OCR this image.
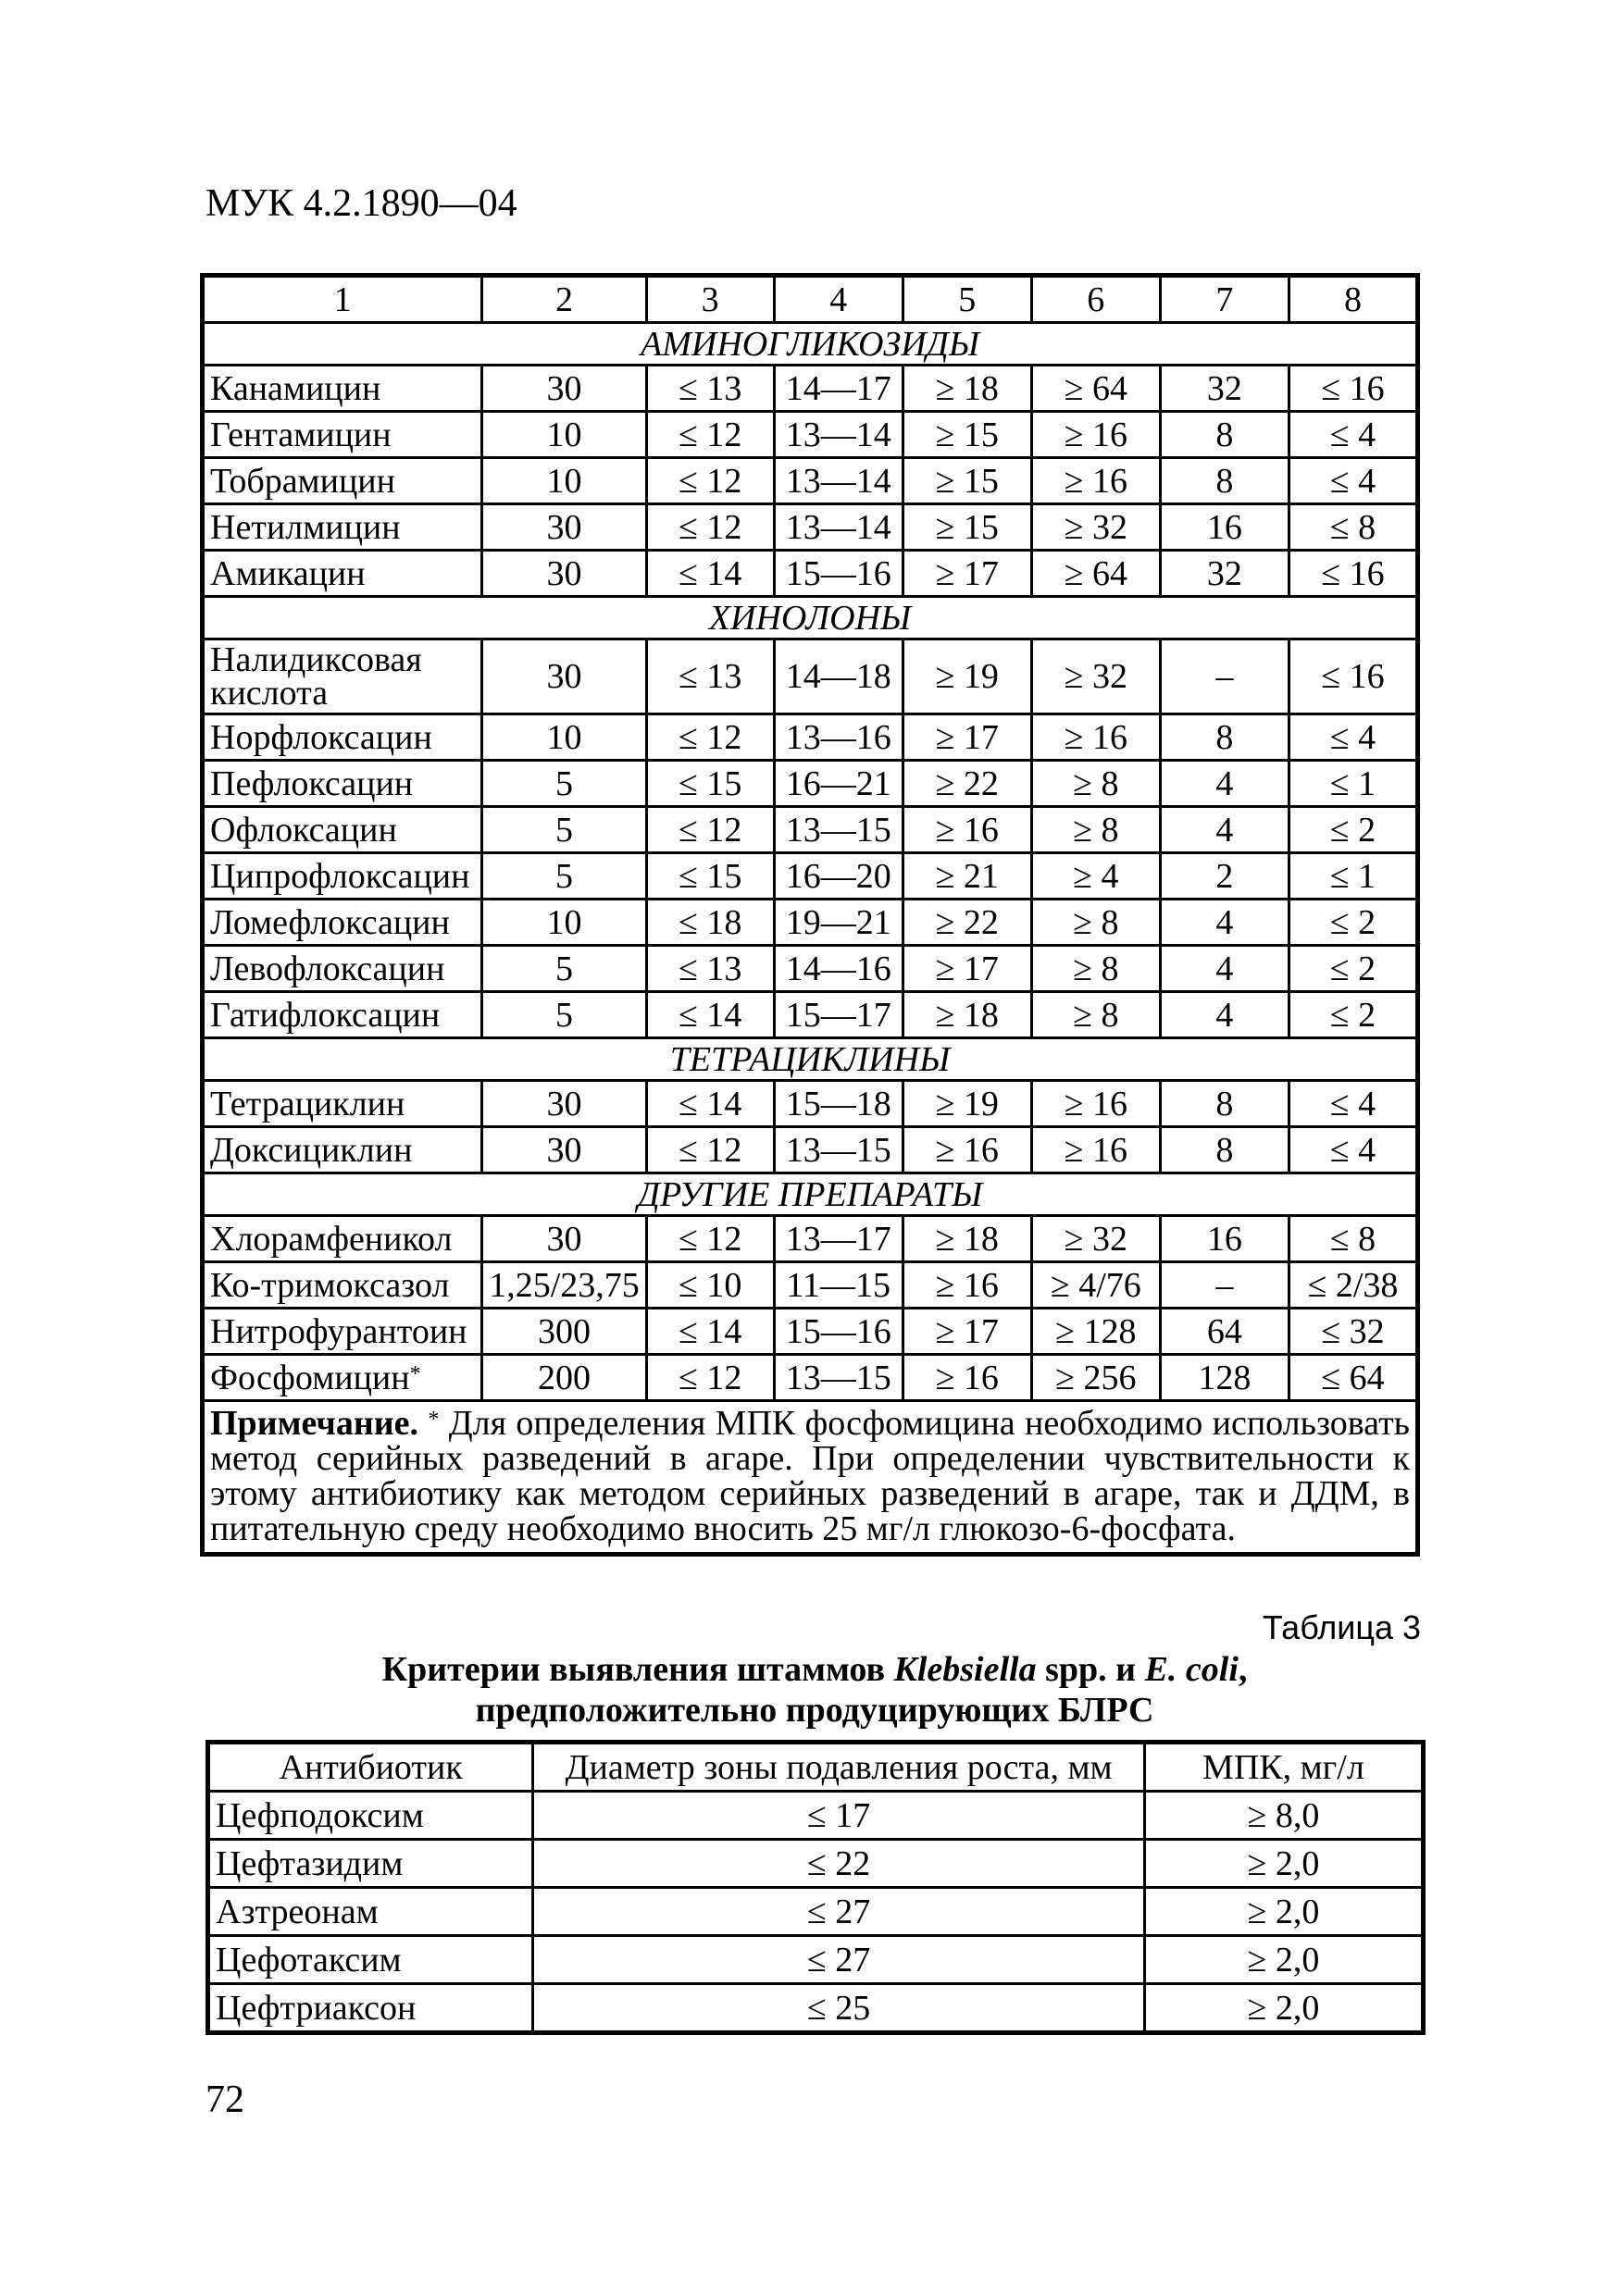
МУК 4.2.1890—04
1	2	3	4	5	6	7	8
АМИНОГЛИКОЗИДЫ							
Канамицин	30	≤ 13	14—17	≥ 18	≥ 64	32	≤ 16
Гентамицин	10	≤ 12	13—14	≥ 15	≥ 16	8	≤ 4
Тобрамицин	10	≤ 12	13—14	≥ 15	≥ 16	8	≤ 4
Нетилмицин	30	≤ 12	13—14	≥ 15	≥ 32	16	≤ 8
Амикацин	30	≤ 14	15—16	≥ 17	≥ 64	32	≤ 16
ХИНОЛОНЫ							
Налидиксовая кислота	30	≤ 13	14—18	≥ 19	≥ 32	–	≤ 16
Норфлоксацин	10	≤ 12	13—16	≥ 17	≥ 16	8	≤ 4
Пефлоксацин	5	≤ 15	16—21	≥ 22	≥ 8	4	≤ 1
Офлоксацин	5	≤ 12	13—15	≥ 16	≥ 8	4	≤ 2
Ципрофлоксацин	5	≤ 15	16—20	≥ 21	≥ 4	2	≤ 1
Ломефлоксацин	10	≤ 18	19—21	≥ 22	≥ 8	4	≤ 2
Левофлоксацин	5	≤ 13	14—16	≥ 17	≥ 8	4	≤ 2
Гатифлоксацин	5	≤ 14	15—17	≥ 18	≥ 8	4	≤ 2
ТЕТРАЦИКЛИНЫ							
Тетрациклин	30	≤ 14	15—18	≥ 19	≥ 16	8	≤ 4
Доксициклин	30	≤ 12	13—15	≥ 16	≥ 16	8	≤ 4
ДРУГИЕ ПРЕПАРАТЫ							
Хлорамфеникол	30	≤ 12	13—17	≥ 18	≥ 32	16	≤ 8
Ко-тримоксазол	1,25/23,75	≤ 10	11—15	≥ 16	≥ 4/76	–	≤ 2/38
Нитрофурантоин	300	≤ 14	15—16	≥ 17	≥ 128	64	≤ 32
Фосфомицин*	200	≤ 12	13—15	≥ 16	≥ 256	128	≤ 64
Примечание. * Для определения МПК фосфомицина необходимо использовать метод серийных разведений в агаре. При определении чувствительности к этому антибиотику как методом серийных разведений в агаре, так и ДДМ, в питательную среду необходимо вносить 25 мг/л глюкозо-6-фосфата.							
Таблица 3
Критерии выявления штаммов Klebsiella spp. и E. coli,
предположительно продуцирующих БЛРС
Антибиотик	Диаметр зоны подавления роста, мм	МПК, мг/л
Цефподоксим	≤ 17	≥ 8,0
Цефтазидим	≤ 22	≥ 2,0
Азтреонам	≤ 27	≥ 2,0
Цефотаксим	≤ 27	≥ 2,0
Цефтриаксон	≤ 25	≥ 2,0
72
